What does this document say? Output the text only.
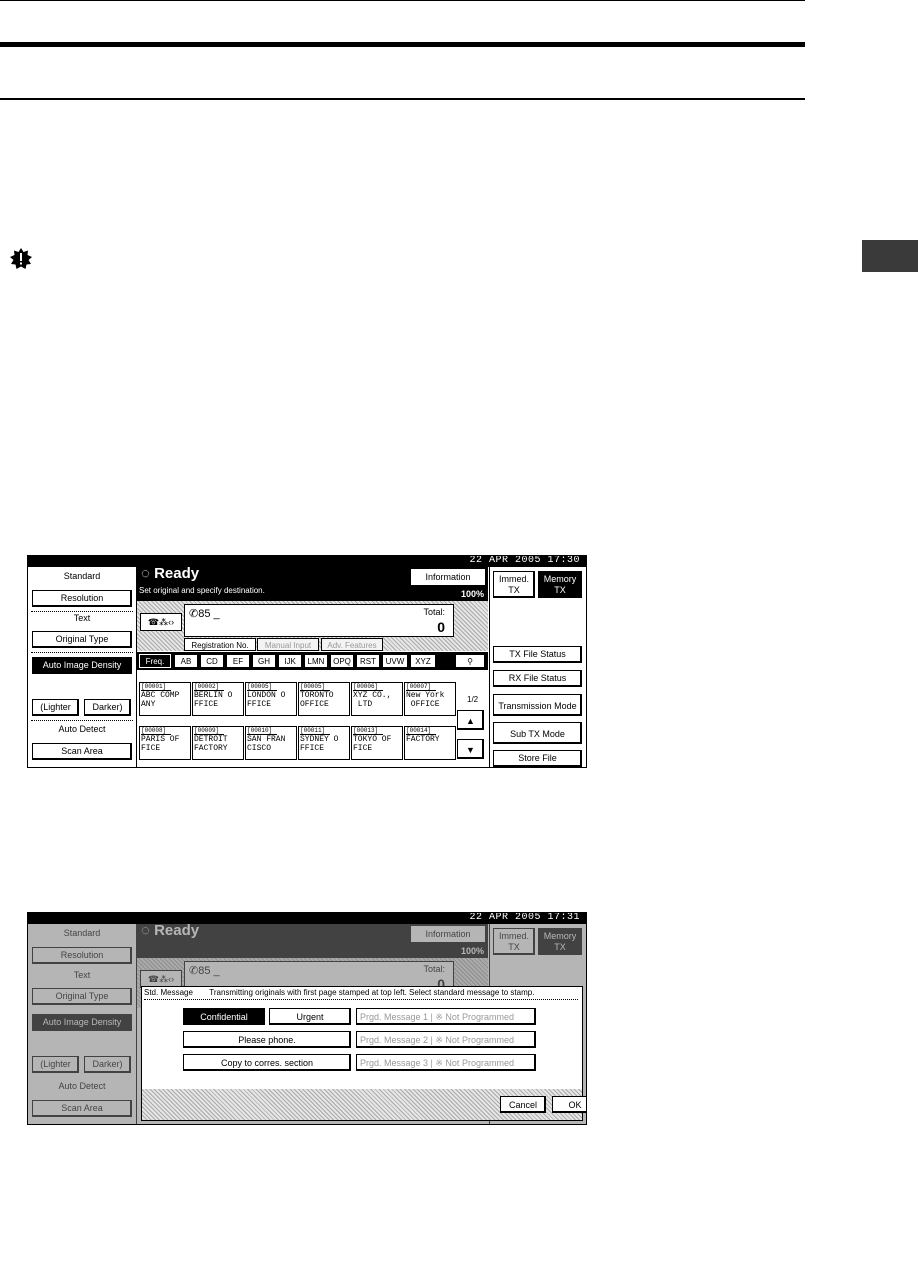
22 APR 2005 17:30
Standard
Resolution
Text
Original Type
Auto Image Density
(Lighter	Darker)
Auto Detect
Scan Area
◌ Ready
Set original and specify destination.	100%
Information
☎⁂‹›
✆85 _	Total:
0
Registration No.	Manual Input	Adv. Features
Freq.	AB	CD	EF	GH	IJK	LMN	OPQ	RST	UVW	XYZ	⚲
[00001]
ABC COMP
ANY
[00002]
BERLIN O
FFICE
[00005]
LONDON O
FFICE
[00005]
TORONTO
OFFICE
[00006]
XYZ CO.,
LTD
[00007]
New York
OFFICE
[00008]
PARIS OF
FICE
[00009]
DETROIT
FACTORY
[00010]
SAN FRAN
CISCO
[00011]
SYDNEY O
FFICE
[00013]
TOKYO OF
FICE
[00014]
FACTORY
1/2
▲
▼
Immed. TX
Memory TX
TX File Status
RX File Status
Transmission Mode
Sub TX Mode
Store File
22 APR 2005 17:31
Std. Message Transmitting originals with first page stamped at top left. Select standard message to stamp.
Confidential	Urgent
Please phone.
Copy to corres. section
Prgd. Message 1 | ※ Not Programmed
Prgd. Message 2 | ※ Not Programmed
Prgd. Message 3 | ※ Not Programmed
Cancel	OK
